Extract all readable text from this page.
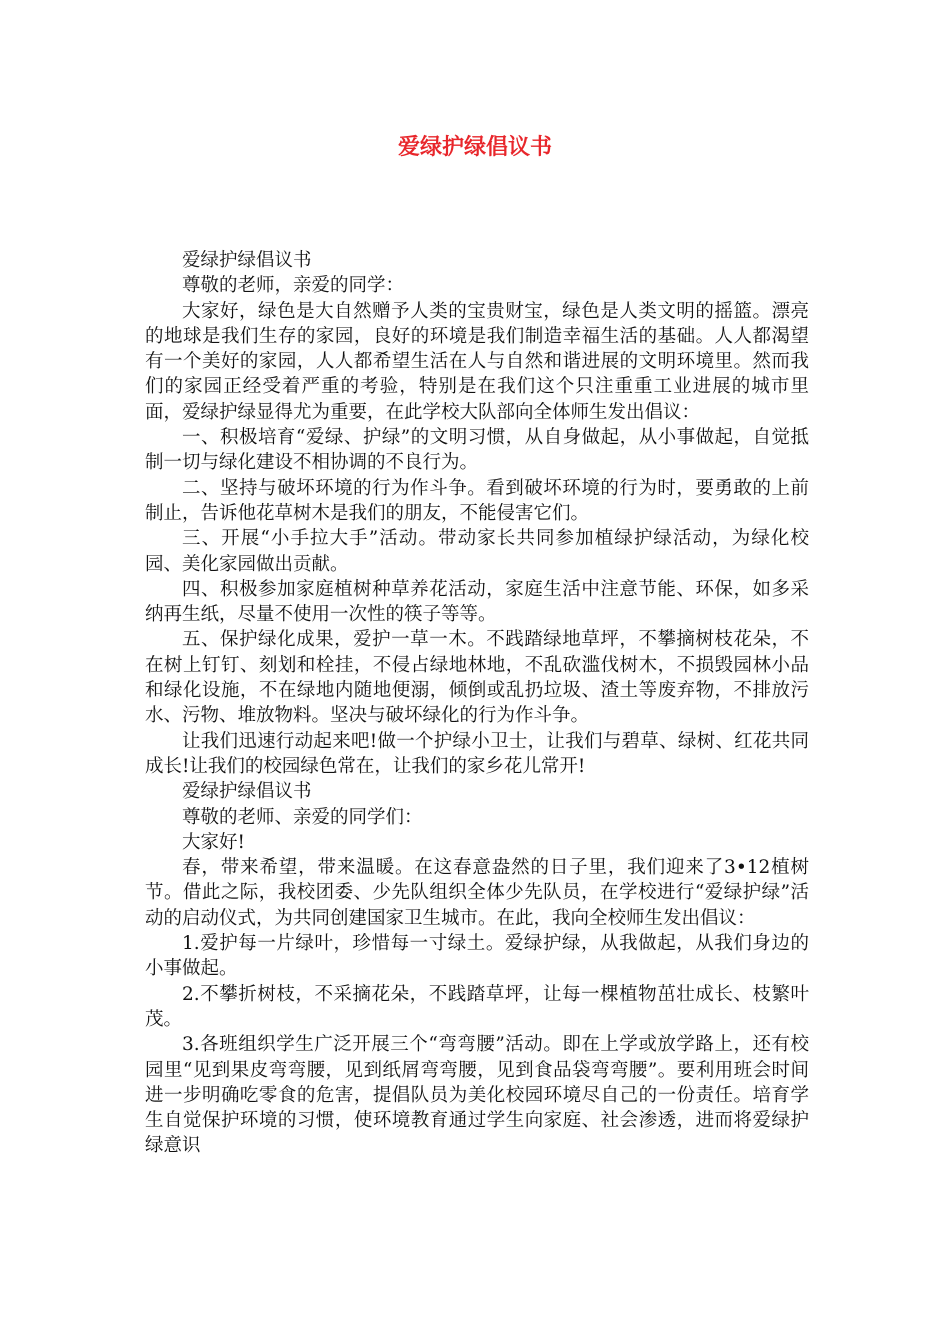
爱绿护绿倡议书

爱绿护绿倡议书

尊敬的老师，亲爱的同学：

大家好，绿色是大自然赠予人类的宝贵财宝，绿色是人类文明的摇篮。漂亮的地球是我们生存的家园，良好的环境是我们制造幸福生活的基础。人人都渴望有一个美好的家园，人人都希望生活在人与自然和谐进展的文明环境里。然而我们的家园正经受着严重的考验，特别是在我们这个只注重重工业进展的城市里面，爱绿护绿显得尤为重要，在此学校大队部向全体师生发出倡议：

一、积极培育“爱绿、护绿”的文明习惯，从自身做起，从小事做起，自觉抵制一切与绿化建设不相协调的不良行为。

二、坚持与破坏环境的行为作斗争。看到破坏环境的行为时，要勇敢的上前制止，告诉他花草树木是我们的朋友，不能侵害它们。

三、开展“小手拉大手”活动。带动家长共同参加植绿护绿活动，为绿化校园、美化家园做出贡献。

四、积极参加家庭植树种草养花活动，家庭生活中注意节能、环保，如多采纳再生纸，尽量不使用一次性的筷子等等。

五、保护绿化成果，爱护一草一木。不践踏绿地草坪，不攀摘树枝花朵，不在树上钉钉、刻划和栓挂，不侵占绿地林地，不乱砍滥伐树木，不损毁园林小品和绿化设施，不在绿地内随地便溺，倾倒或乱扔垃圾、渣土等废弃物，不排放污水、污物、堆放物料。坚决与破坏绿化的行为作斗争。

让我们迅速行动起来吧!做一个护绿小卫士，让我们与碧草、绿树、红花共同成长!让我们的校园绿色常在，让我们的家乡花儿常开!

爱绿护绿倡议书

尊敬的老师、亲爱的同学们：

大家好!

春，带来希望，带来温暖。在这春意盎然的日子里，我们迎来了3•12植树节。借此之际，我校团委、少先队组织全体少先队员，在学校进行“爱绿护绿”活动的启动仪式，为共同创建国家卫生城市。在此，我向全校师生发出倡议：

1.爱护每一片绿叶，珍惜每一寸绿土。爱绿护绿，从我做起，从我们身边的小事做起。

2.不攀折树枝，不采摘花朵，不践踏草坪，让每一棵植物茁壮成长、枝繁叶茂。

3.各班组织学生广泛开展三个“弯弯腰”活动。即在上学或放学路上，还有校园里“见到果皮弯弯腰，见到纸屑弯弯腰，见到食品袋弯弯腰”。要利用班会时间进一步明确吃零食的危害，提倡队员为美化校园环境尽自己的一份责任。培育学生自觉保护环境的习惯，使环境教育通过学生向家庭、社会渗透，进而将爱绿护绿意识
